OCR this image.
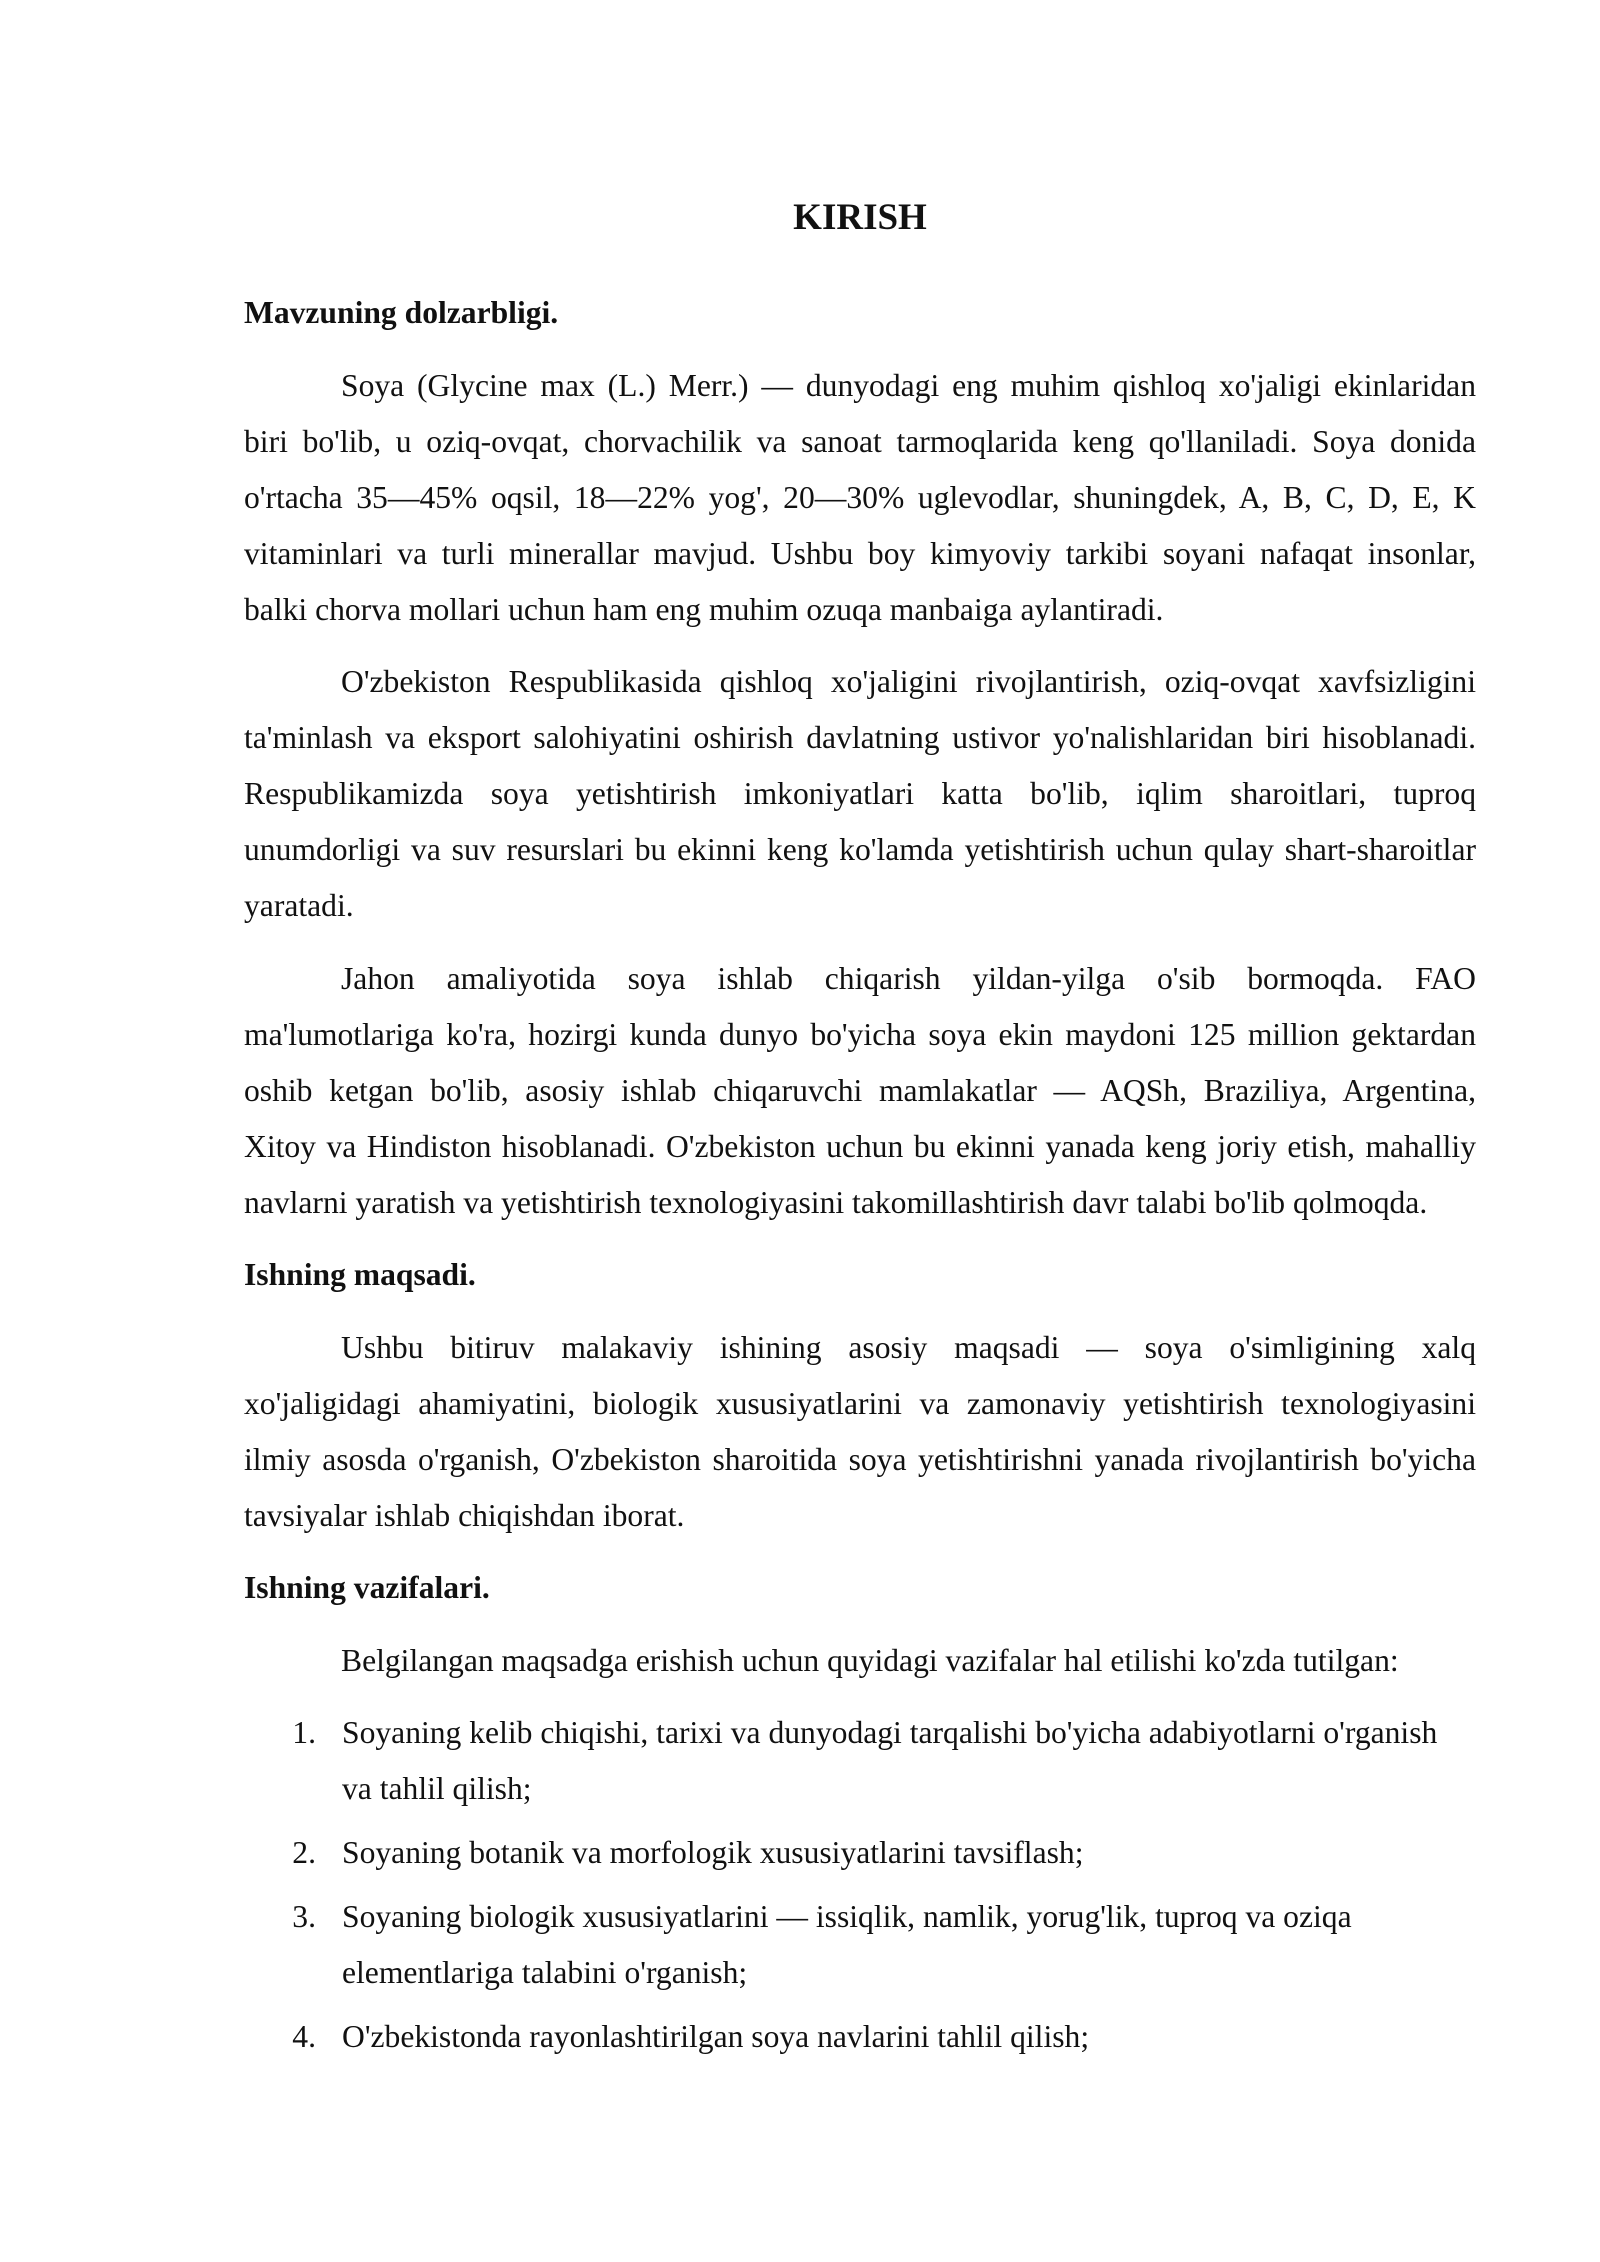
KIRISH
Mavzuning dolzarbligi.
Soya (Glycine max (L.) Merr.) — dunyodagi eng muhim qishloq xo'jaligi ekinlaridan
biri bo'lib, u oziq-ovqat, chorvachilik va sanoat tarmoqlarida keng qo'llaniladi. Soya donida
o'rtacha 35—45% oqsil, 18—22% yog', 20—30% uglevodlar, shuningdek, A, B, C, D, E, K
vitaminlari va turli minerallar mavjud. Ushbu boy kimyoviy tarkibi soyani nafaqat insonlar,
balki chorva mollari uchun ham eng muhim ozuqa manbaiga aylantiradi.
O'zbekiston Respublikasida qishloq xo'jaligini rivojlantirish, oziq-ovqat xavfsizligini
ta'minlash va eksport salohiyatini oshirish davlatning ustivor yo'nalishlaridan biri hisoblanadi.
Respublikamizda soya yetishtirish imkoniyatlari katta bo'lib, iqlim sharoitlari, tuproq
unumdorligi va suv resurslari bu ekinni keng ko'lamda yetishtirish uchun qulay shart-sharoitlar
yaratadi.
Jahon amaliyotida soya ishlab chiqarish yildan-yilga o'sib bormoqda. FAO
ma'lumotlariga ko'ra, hozirgi kunda dunyo bo'yicha soya ekin maydoni 125 million gektardan
oshib ketgan bo'lib, asosiy ishlab chiqaruvchi mamlakatlar — AQSh, Braziliya, Argentina,
Xitoy va Hindiston hisoblanadi. O'zbekiston uchun bu ekinni yanada keng joriy etish, mahalliy
navlarni yaratish va yetishtirish texnologiyasini takomillashtirish davr talabi bo'lib qolmoqda.
Ishning maqsadi.
Ushbu bitiruv malakaviy ishining asosiy maqsadi — soya o'simligining xalq
xo'jaligidagi ahamiyatini, biologik xususiyatlarini va zamonaviy yetishtirish texnologiyasini
ilmiy asosda o'rganish, O'zbekiston sharoitida soya yetishtirishni yanada rivojlantirish bo'yicha
tavsiyalar ishlab chiqishdan iborat.
Ishning vazifalari.
Belgilangan maqsadga erishish uchun quyidagi vazifalar hal etilishi ko'zda tutilgan:
1. Soyaning kelib chiqishi, tarixi va dunyodagi tarqalishi bo'yicha adabiyotlarni o'rganish
va tahlil qilish;
2. Soyaning botanik va morfologik xususiyatlarini tavsiflash;
3. Soyaning biologik xususiyatlarini — issiqlik, namlik, yorug'lik, tuproq va oziqa
elementlariga talabini o'rganish;
4. O'zbekistonda rayonlashtirilgan soya navlarini tahlil qilish;
